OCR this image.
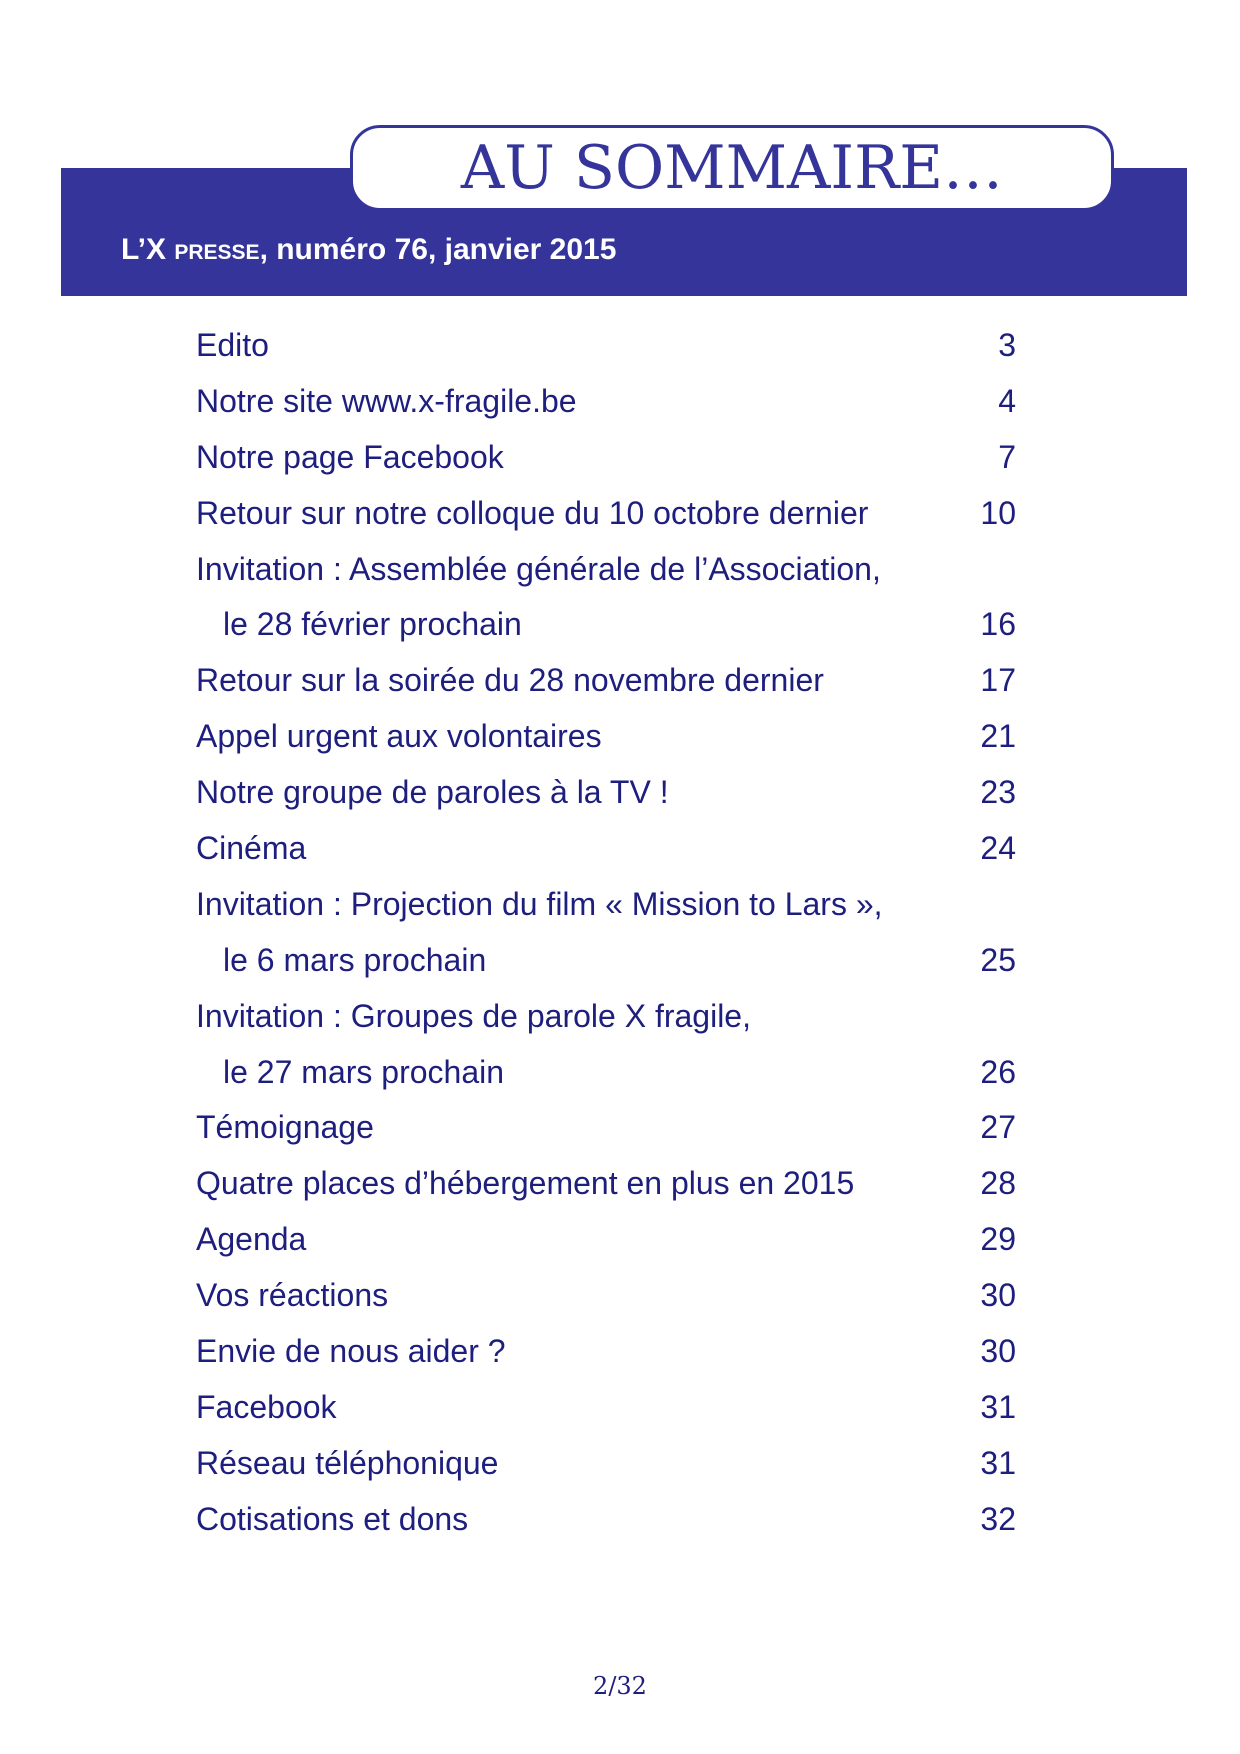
AU SOMMAIRE…
L’X presse, numéro 76, janvier 2015
Edito	3
Notre site www.x-fragile.be	4
Notre page Facebook	7
Retour sur notre colloque du 10 octobre dernier	10
Invitation : Assemblée générale de l’Association,
le 28 février prochain	16
Retour sur la soirée du 28 novembre dernier	17
Appel urgent aux volontaires	21
Notre groupe de paroles à la TV !	23
Cinéma	24
Invitation : Projection du film « Mission to Lars »,
le 6 mars prochain	25
Invitation : Groupes de parole X fragile,
le 27 mars prochain	26
Témoignage	27
Quatre places d’hébergement en plus en 2015	28
Agenda	29
Vos réactions	30
Envie de nous aider ?	30
Facebook	31
Réseau téléphonique	31
Cotisations et dons	32
2/32
